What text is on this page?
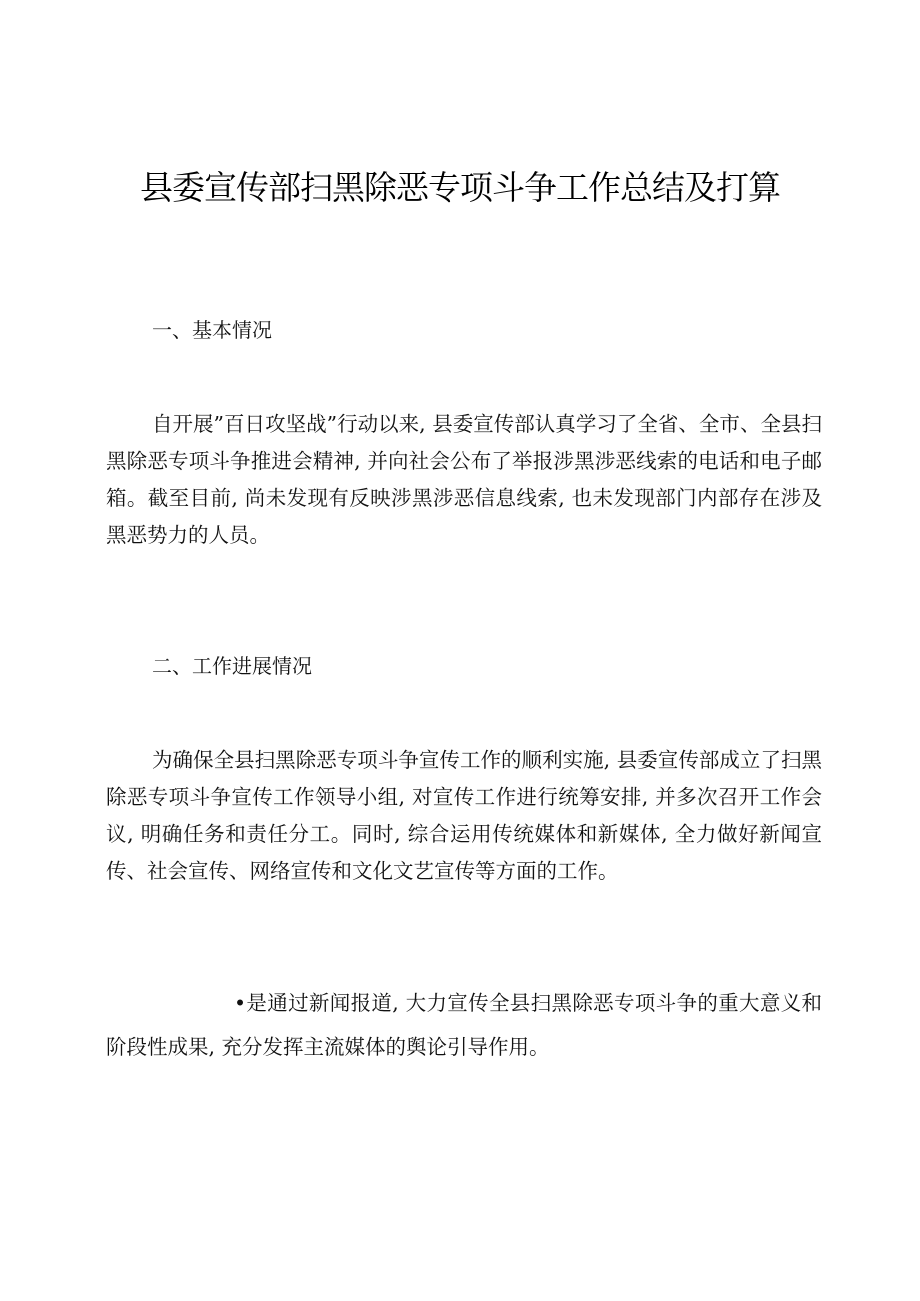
县委宣传部扫黑除恶专项斗争工作总结及打算
一、基本情况

自开展”百日攻坚战”行动以来, 县委宣传部认真学习了全省、全市、全县扫黑除恶专项斗争推进会精神, 并向社会公布了举报涉黑涉恶线索的电话和电子邮箱。截至目前, 尚未发现有反映涉黑涉恶信息线索, 也未发现部门内部存在涉及黑恶势力的人员。

二、工作进展情况

为确保全县扫黑除恶专项斗争宣传工作的顺利实施, 县委宣传部成立了扫黑除恶专项斗争宣传工作领导小组, 对宣传工作进行统筹安排, 并多次召开工作会议, 明确任务和责任分工。同时, 综合运用传统媒体和新媒体, 全力做好新闻宣传、社会宣传、网络宣传和文化文艺宣传等方面的工作。

•是通过新闻报道, 大力宣传全县扫黑除恶专项斗争的重大意义和阶段性成果, 充分发挥主流媒体的舆论引导作用。
